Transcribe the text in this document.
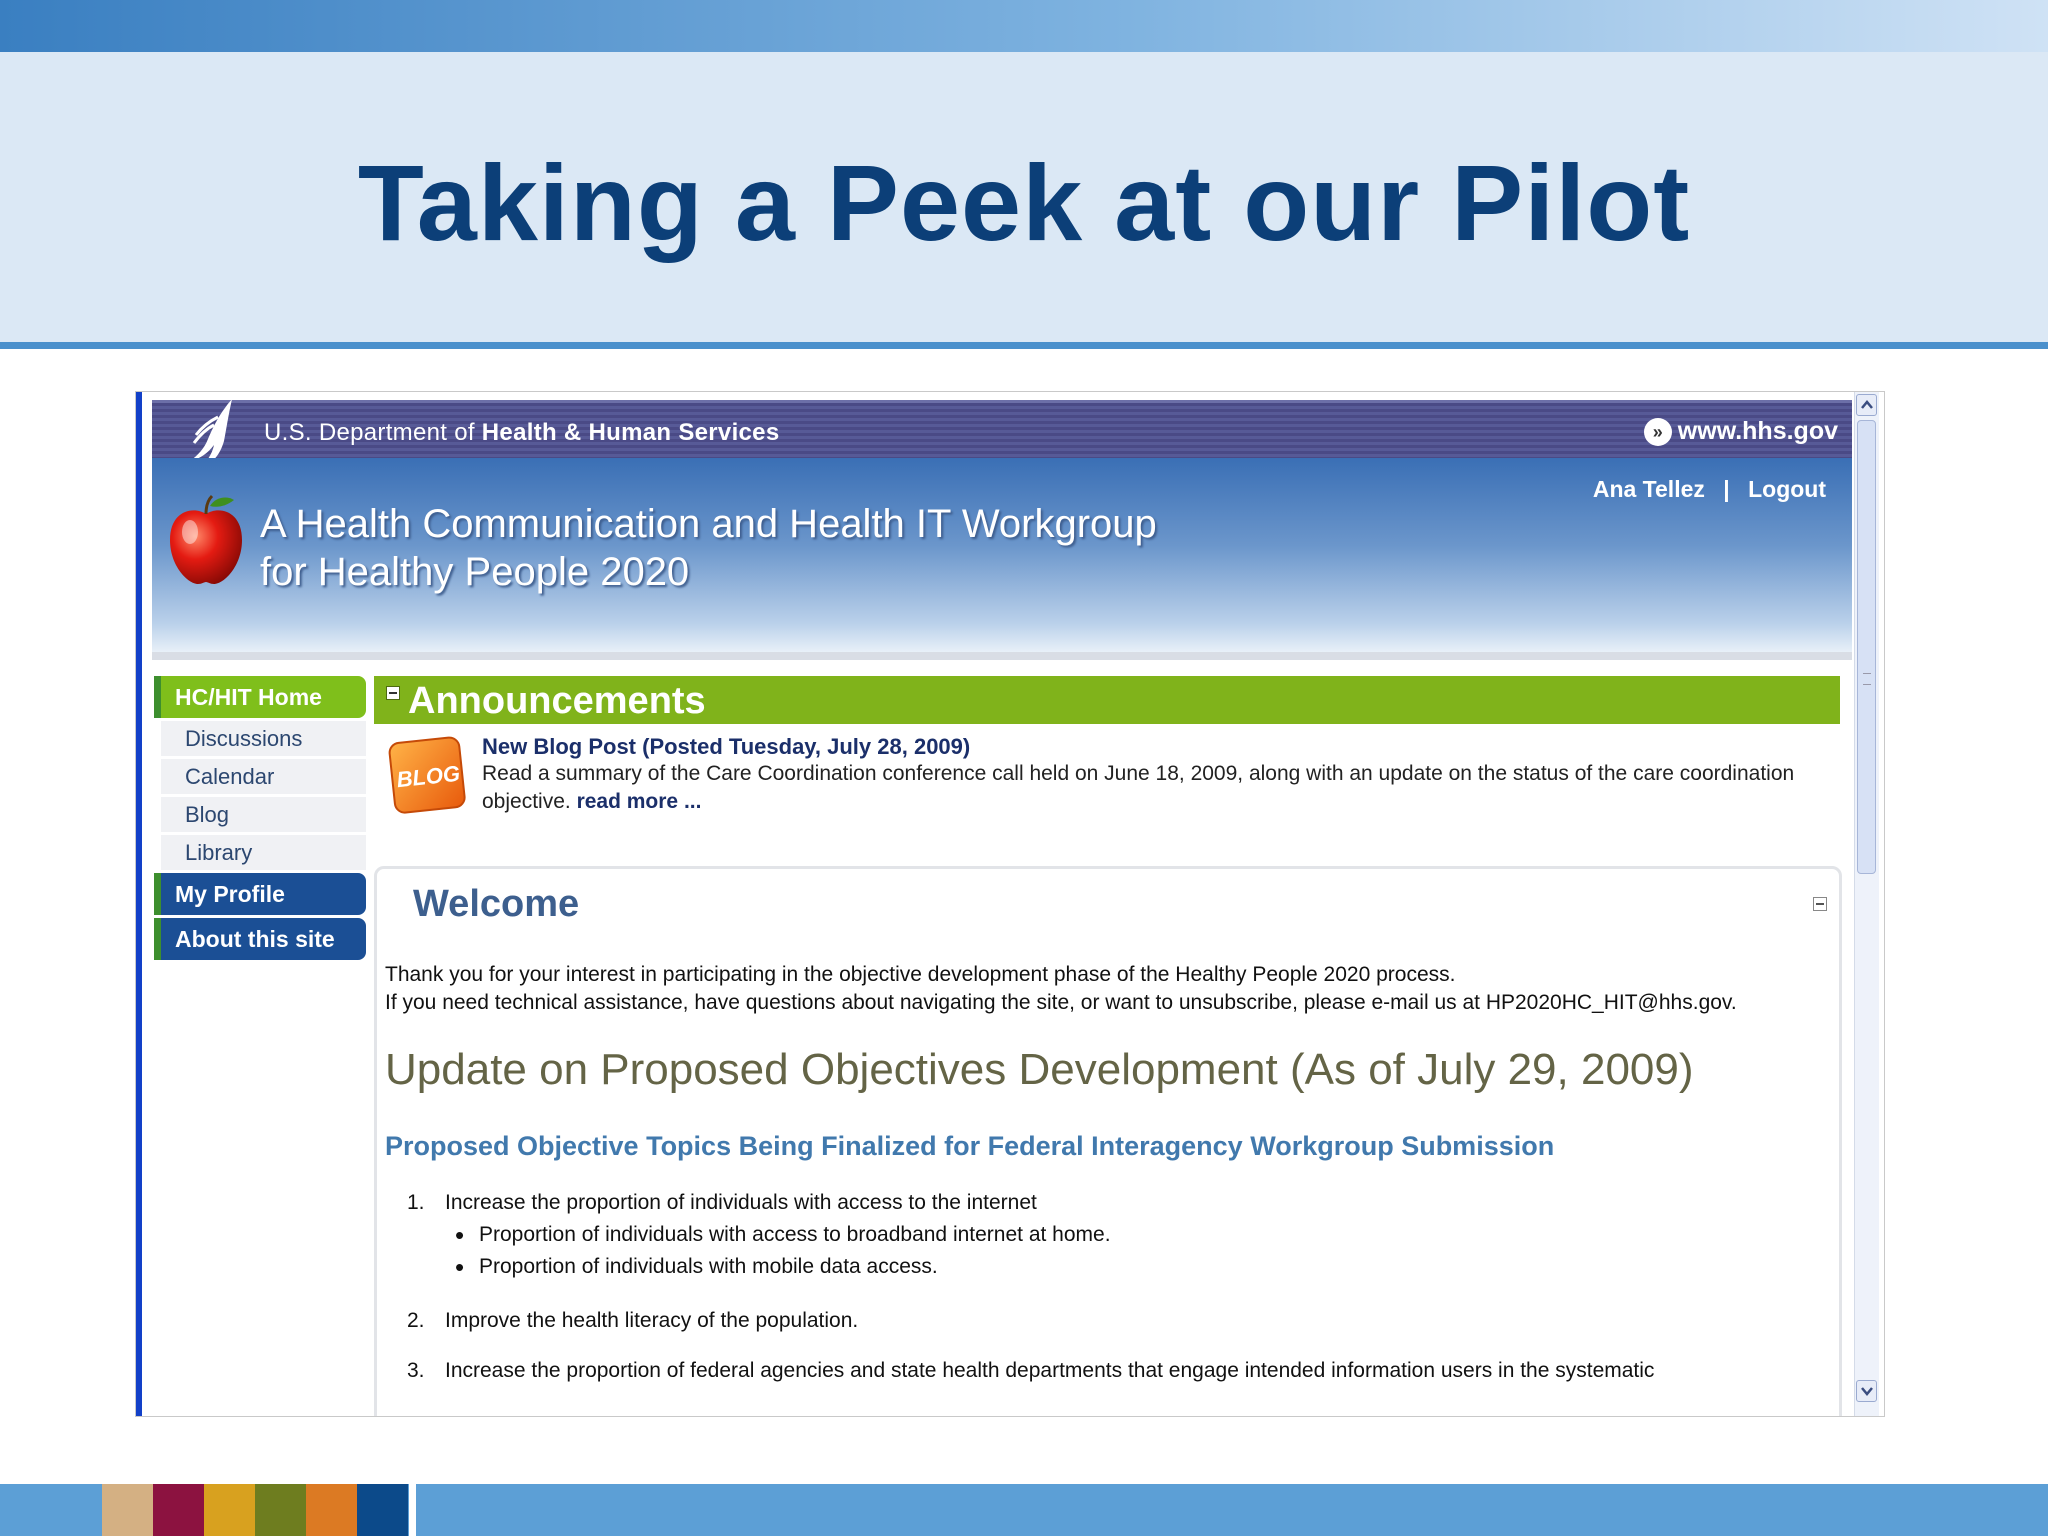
Taking a Peek at our Pilot
U.S. Department of Health & Human Services	» www.hhs.gov
A Health Communication and Health IT Workgroup
for Healthy People 2020
Ana Tellez | Logout
HC/HIT Home
Discussions
Calendar
Blog
Library
My Profile
About this site
Announcements
BLOG
New Blog Post (Posted Tuesday, July 28, 2009)
Read a summary of the Care Coordination conference call held on June 18, 2009, along with an update on the status of the care coordination objective. read more ...
Welcome
Thank you for your interest in participating in the objective development phase of the Healthy People 2020 process.
If you need technical assistance, have questions about navigating the site, or want to unsubscribe, please e-mail us at HP2020HC_HIT@hhs.gov.
Update on Proposed Objectives Development (As of July 29, 2009)
Proposed Objective Topics Being Finalized for Federal Interagency Workgroup Submission
1. Increase the proportion of individuals with access to the internet
• Proportion of individuals with access to broadband internet at home.
• Proportion of individuals with mobile data access.
2. Improve the health literacy of the population.
3. Increase the proportion of federal agencies and state health departments that engage intended information users in the systematic
